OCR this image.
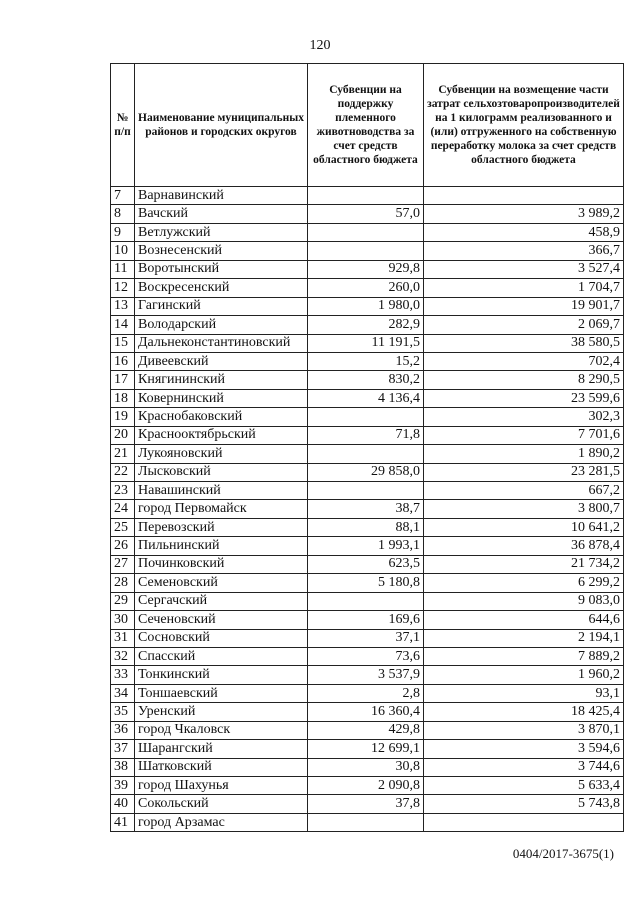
120
№ п/п	Наименование муниципальных районов и городских округов	Субвенции на поддержку племенного животноводства за счет средств областного бюджета	Субвенции на возмещение части затрат сельхозтоваропроизводителей на 1 килограмм реализованного и (или) отгруженного на собственную переработку молока за счет средств областного бюджета
7	Варнавинский		
8	Вачский	57,0	3 989,2
9	Ветлужский		458,9
10	Вознесенский		366,7
11	Воротынский	929,8	3 527,4
12	Воскресенский	260,0	1 704,7
13	Гагинский	1 980,0	19 901,7
14	Володарский	282,9	2 069,7
15	Дальнеконстантиновский	11 191,5	38 580,5
16	Дивеевский	15,2	702,4
17	Княгининский	830,2	8 290,5
18	Ковернинский	4 136,4	23 599,6
19	Краснобаковский		302,3
20	Краснооктябрьский	71,8	7 701,6
21	Лукояновский		1 890,2
22	Лысковский	29 858,0	23 281,5
23	Навашинский		667,2
24	город Первомайск	38,7	3 800,7
25	Перевозский	88,1	10 641,2
26	Пильнинский	1 993,1	36 878,4
27	Починковский	623,5	21 734,2
28	Семеновский	5 180,8	6 299,2
29	Сергачский		9 083,0
30	Сеченовский	169,6	644,6
31	Сосновский	37,1	2 194,1
32	Спасский	73,6	7 889,2
33	Тонкинский	3 537,9	1 960,2
34	Тоншаевский	2,8	93,1
35	Уренский	16 360,4	18 425,4
36	город Чкаловск	429,8	3 870,1
37	Шарангский	12 699,1	3 594,6
38	Шатковский	30,8	3 744,6
39	город Шахунья	2 090,8	5 633,4
40	Сокольский	37,8	5 743,8
41	город Арзамас		
0404/2017-3675(1)
